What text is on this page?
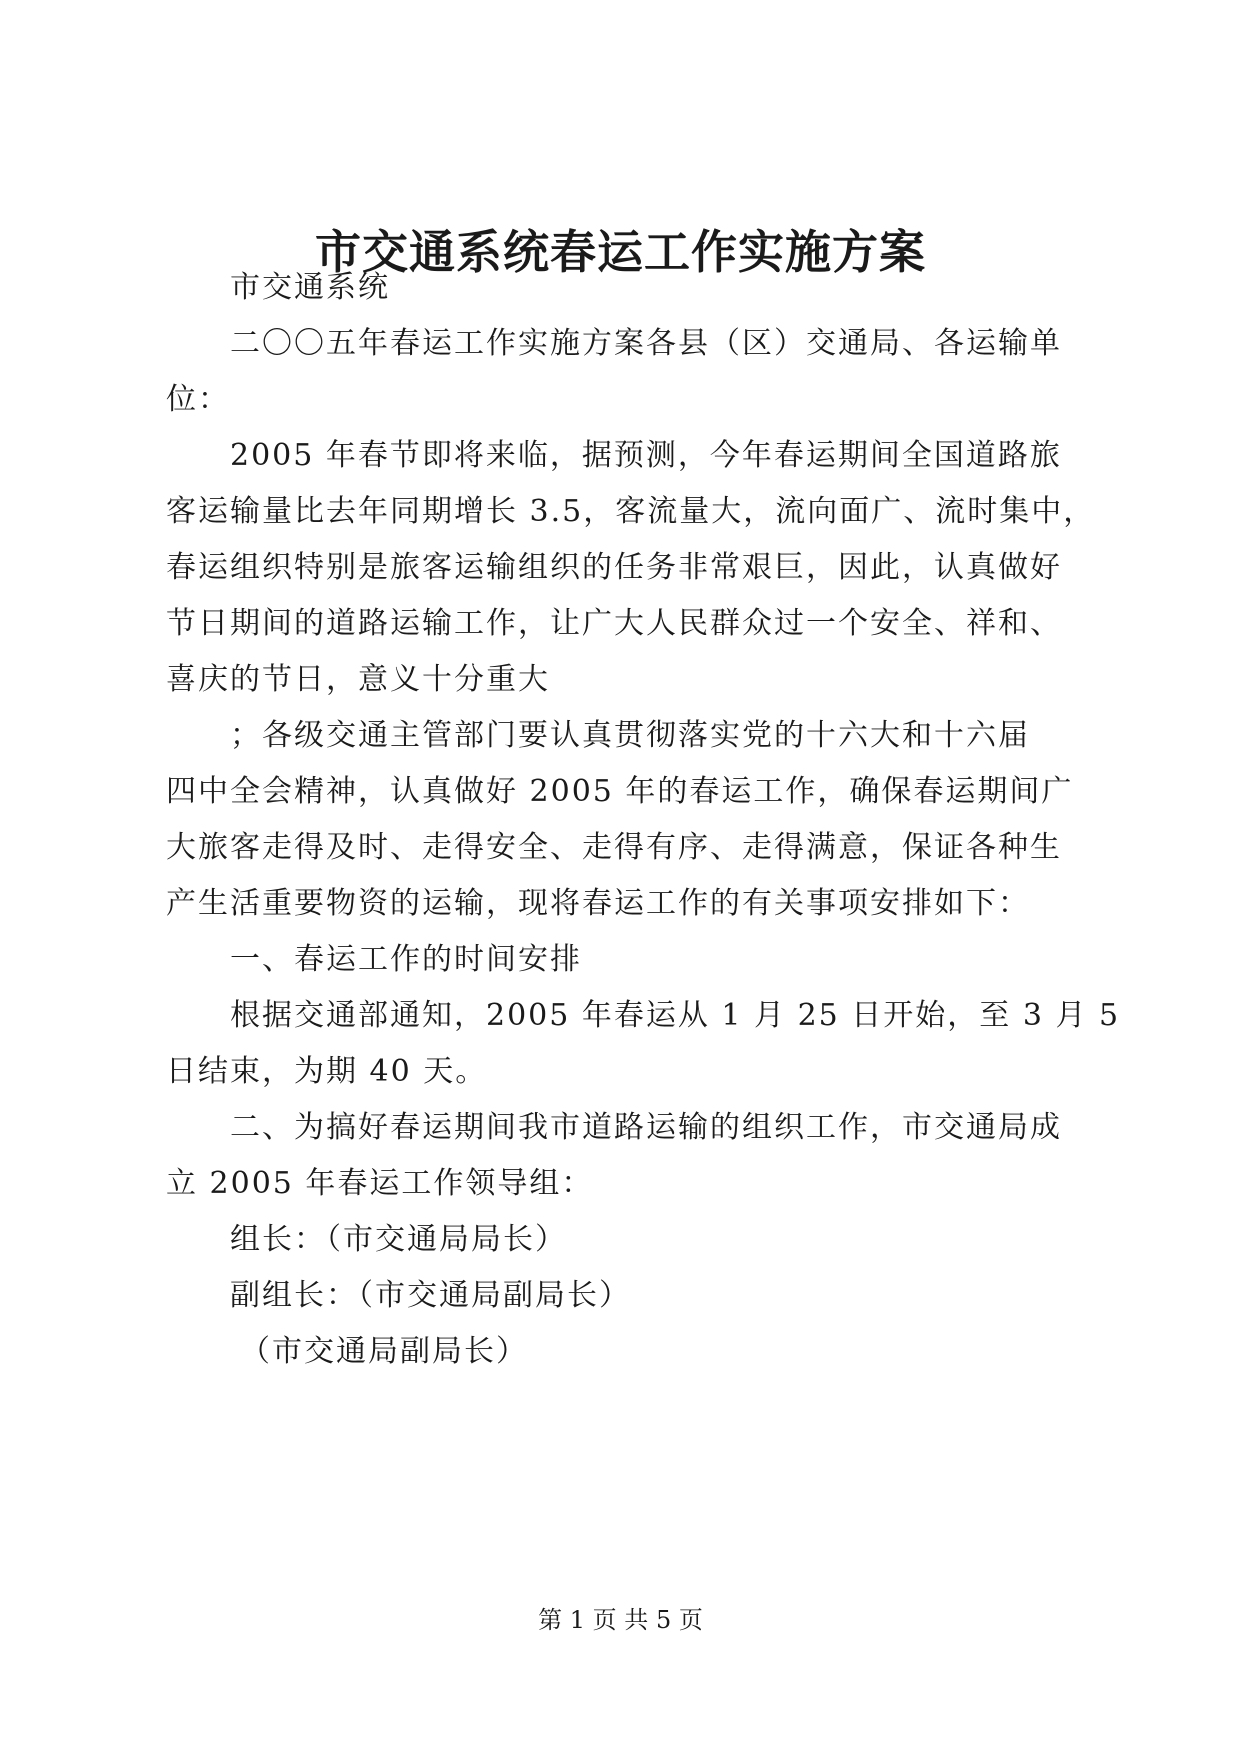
市交通系统春运工作实施方案
市交通系统
二〇〇五年春运工作实施方案各县（区）交通局、各运输单
位：
2005 年春节即将来临，据预测，今年春运期间全国道路旅
客运输量比去年同期增长 3.5，客流量大，流向面广、流时集中，
春运组织特别是旅客运输组织的任务非常艰巨，因此，认真做好
节日期间的道路运输工作，让广大人民群众过一个安全、祥和、
喜庆的节日，意义十分重大
；各级交通主管部门要认真贯彻落实党的十六大和十六届
四中全会精神，认真做好 2005 年的春运工作，确保春运期间广
大旅客走得及时、走得安全、走得有序、走得满意，保证各种生
产生活重要物资的运输，现将春运工作的有关事项安排如下：
一、春运工作的时间安排
根据交通部通知，2005 年春运从 1 月 25 日开始，至 3 月 5
日结束，为期 40 天。
二、为搞好春运期间我市道路运输的组织工作，市交通局成
立 2005 年春运工作领导组：
组长：（市交通局局长）
副组长：（市交通局副局长）
（市交通局副局长）
第 1 页 共 5 页
